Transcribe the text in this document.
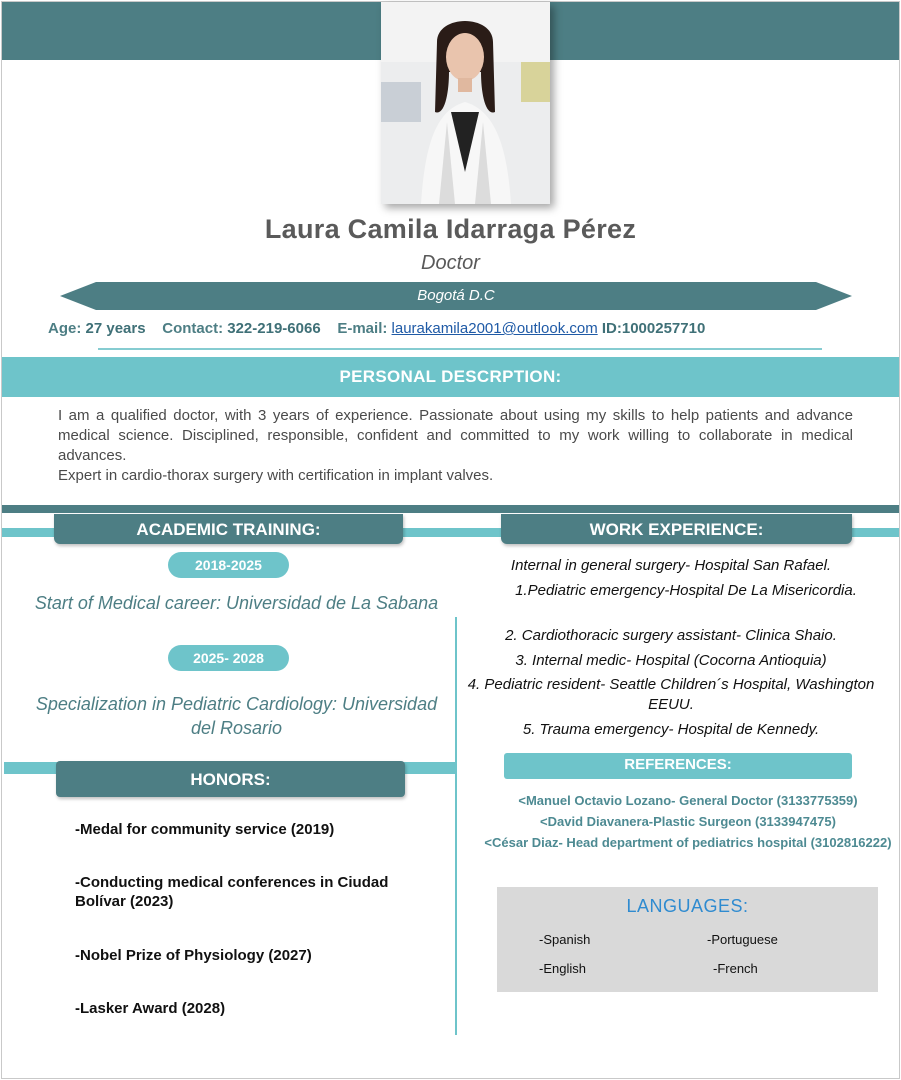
Laura Camila Idarraga Pérez
Doctor
Bogotá D.C
Age: 27 years Contact: 322-219-6066 E-mail: laurakamila2001@outlook.com ID:1000257710
PERSONAL DESCRPTION:

I am a qualified doctor, with 3 years of experience. Passionate about using my skills to help patients and advance medical science. Disciplined, responsible, confident and committed to my work willing to collaborate in medical advances.

Expert in cardio-thorax surgery with certification in implant valves.

ACADEMIC TRAINING:	WORK EXPERIENCE:
2018-2025
Start of Medical career: Universidad de La Sabana
2025- 2028
Specialization in Pediatric Cardiology: Universidad del Rosario
HONORS:
-Medal for community service (2019)
-Conducting medical conferences in Ciudad Bolívar (2023)
-Nobel Prize of Physiology (2027)
-Lasker Award (2028)
Internal in general surgery- Hospital San Rafael.
1.Pediatric emergency-Hospital De La Misericordia.
2. Cardiothoracic surgery assistant- Clinica Shaio.
3. Internal medic- Hospital (Cocorna Antioquia)
4. Pediatric resident- Seattle Children´s Hospital, Washington EEUU.
5. Trauma emergency- Hospital de Kennedy.
REFERENCES:
<Manuel Octavio Lozano- General Doctor (3133775359)
<David Diavanera-Plastic Surgeon (3133947475)
<César Diaz- Head department of pediatrics hospital (3102816222)
LANGUAGES:
-Spanish	-Portuguese
-English	-French
